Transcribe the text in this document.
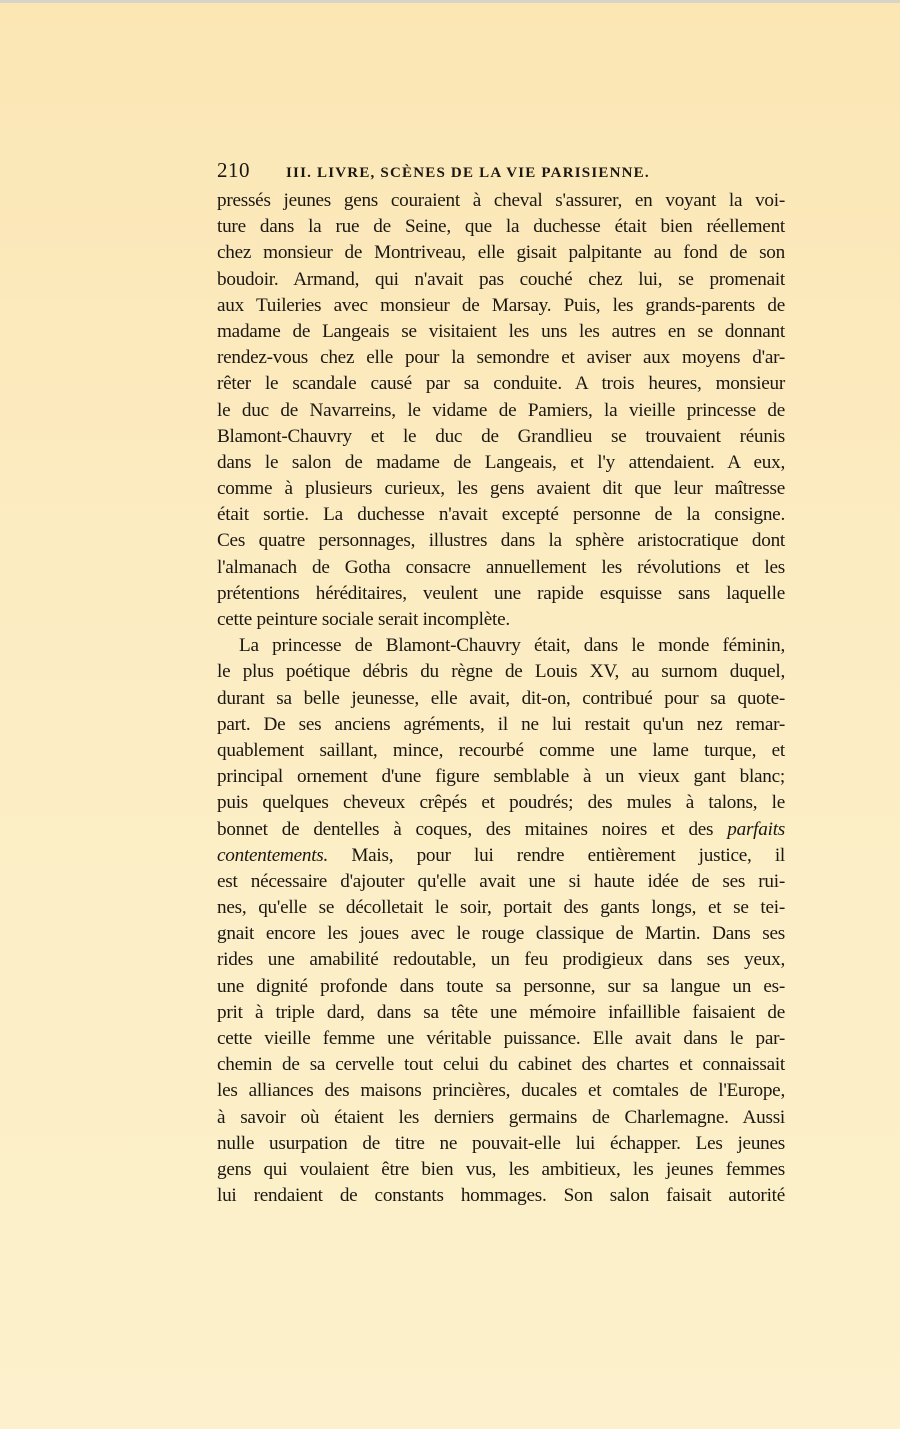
210	III. LIVRE, SCÈNES DE LA VIE PARISIENNE.
pressés jeunes gens couraient à cheval s'assurer, en voyant la voi-
ture dans la rue de Seine, que la duchesse était bien réellement
chez monsieur de Montriveau, elle gisait palpitante au fond de son
boudoir. Armand, qui n'avait pas couché chez lui, se promenait
aux Tuileries avec monsieur de Marsay. Puis, les grands-parents de
madame de Langeais se visitaient les uns les autres en se donnant
rendez-vous chez elle pour la semondre et aviser aux moyens d'ar-
rêter le scandale causé par sa conduite. A trois heures, monsieur
le duc de Navarreins, le vidame de Pamiers, la vieille princesse de
Blamont-Chauvry et le duc de Grandlieu se trouvaient réunis
dans le salon de madame de Langeais, et l'y attendaient. A eux,
comme à plusieurs curieux, les gens avaient dit que leur maîtresse
était sortie. La duchesse n'avait excepté personne de la consigne.
Ces quatre personnages, illustres dans la sphère aristocratique dont
l'almanach de Gotha consacre annuellement les révolutions et les
prétentions héréditaires, veulent une rapide esquisse sans laquelle
cette peinture sociale serait incomplète.
La princesse de Blamont-Chauvry était, dans le monde féminin,
le plus poétique débris du règne de Louis XV, au surnom duquel,
durant sa belle jeunesse, elle avait, dit-on, contribué pour sa quote-
part. De ses anciens agréments, il ne lui restait qu'un nez remar-
quablement saillant, mince, recourbé comme une lame turque, et
principal ornement d'une figure semblable à un vieux gant blanc;
puis quelques cheveux crêpés et poudrés; des mules à talons, le
bonnet de dentelles à coques, des mitaines noires et des parfaits
contentements. Mais, pour lui rendre entièrement justice, il
est nécessaire d'ajouter qu'elle avait une si haute idée de ses rui-
nes, qu'elle se décolletait le soir, portait des gants longs, et se tei-
gnait encore les joues avec le rouge classique de Martin. Dans ses
rides une amabilité redoutable, un feu prodigieux dans ses yeux,
une dignité profonde dans toute sa personne, sur sa langue un es-
prit à triple dard, dans sa tête une mémoire infaillible faisaient de
cette vieille femme une véritable puissance. Elle avait dans le par-
chemin de sa cervelle tout celui du cabinet des chartes et connaissait
les alliances des maisons princières, ducales et comtales de l'Europe,
à savoir où étaient les derniers germains de Charlemagne. Aussi
nulle usurpation de titre ne pouvait-elle lui échapper. Les jeunes
gens qui voulaient être bien vus, les ambitieux, les jeunes femmes
lui rendaient de constants hommages. Son salon faisait autorité
